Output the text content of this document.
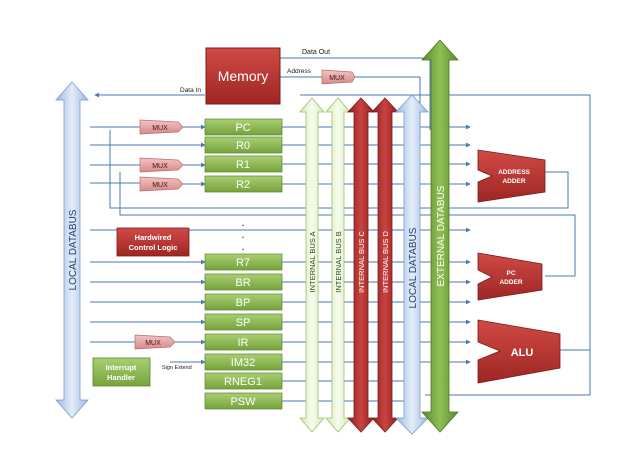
LOCAL DATABUS	INTERNAL BUS A INTERNAL BUS B INTERNAL BUS C INTERNAL BUS D LOCAL DATABUS EXTERNAL DATABUS
Memory
Data Out
Address
Data In
Sign Extend
MUX
MUX
MUX
MUX
MUX
PC
R0
R1
R2
.
.
.
R7
BR
BP
SP
IR
IM32
RNEG1
PSW
Hardwired
Control Logic
Interrupt
Handler
ADDRESS
ADDER
PC
ADDER
ALU
